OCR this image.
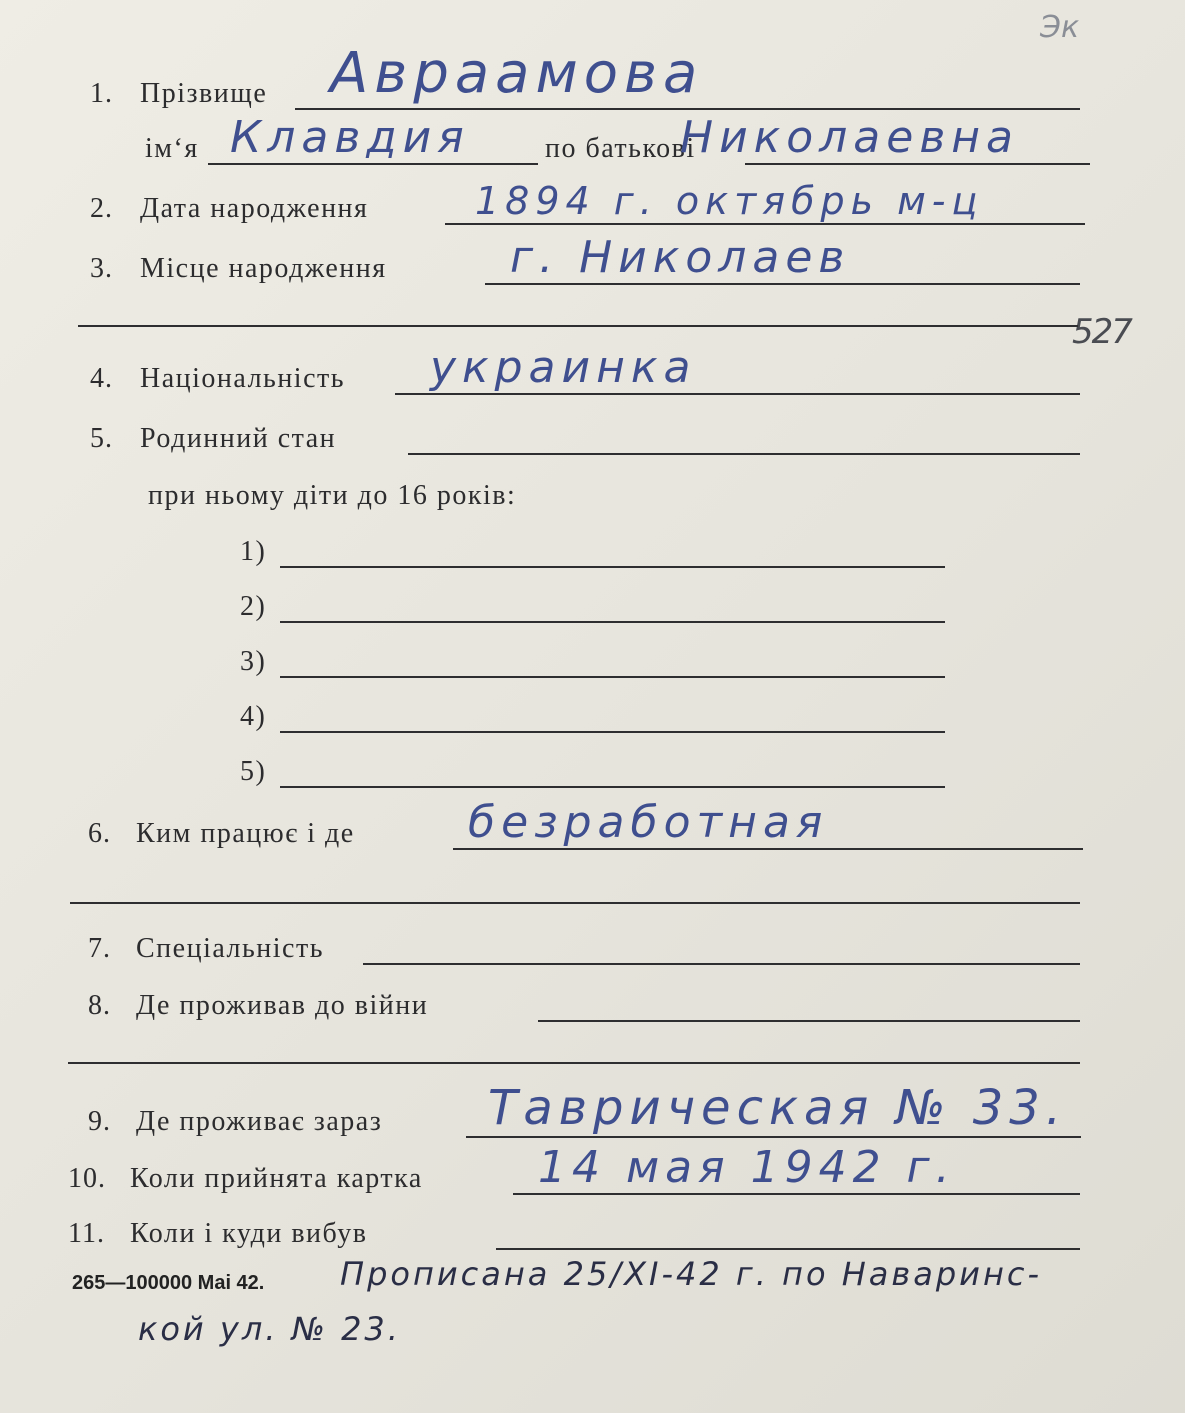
Эк
527
1. Прізвище Авраамова
ім‘я Клавдия	по батькові
Николаевна
2. Дата народження	1894 г. октябрь м-ц
3. Місце народження	г. Николаев
4. Національність украинка
5. Родинний стан
при ньому діти до 16 років:
1)
2)
3)
4)
5)
6. Ким працює і де	безработная
7. Спеціальність
8. Де проживав до війни
9. Де проживає зараз Таврическая № 33.
10. Коли прийнята картка	14 мая 1942 г.
11. Коли і куди вибув
265—100000 Mai 42. Прописана 25/XI-42 г. по Наваринс-
кой ул. № 23.
